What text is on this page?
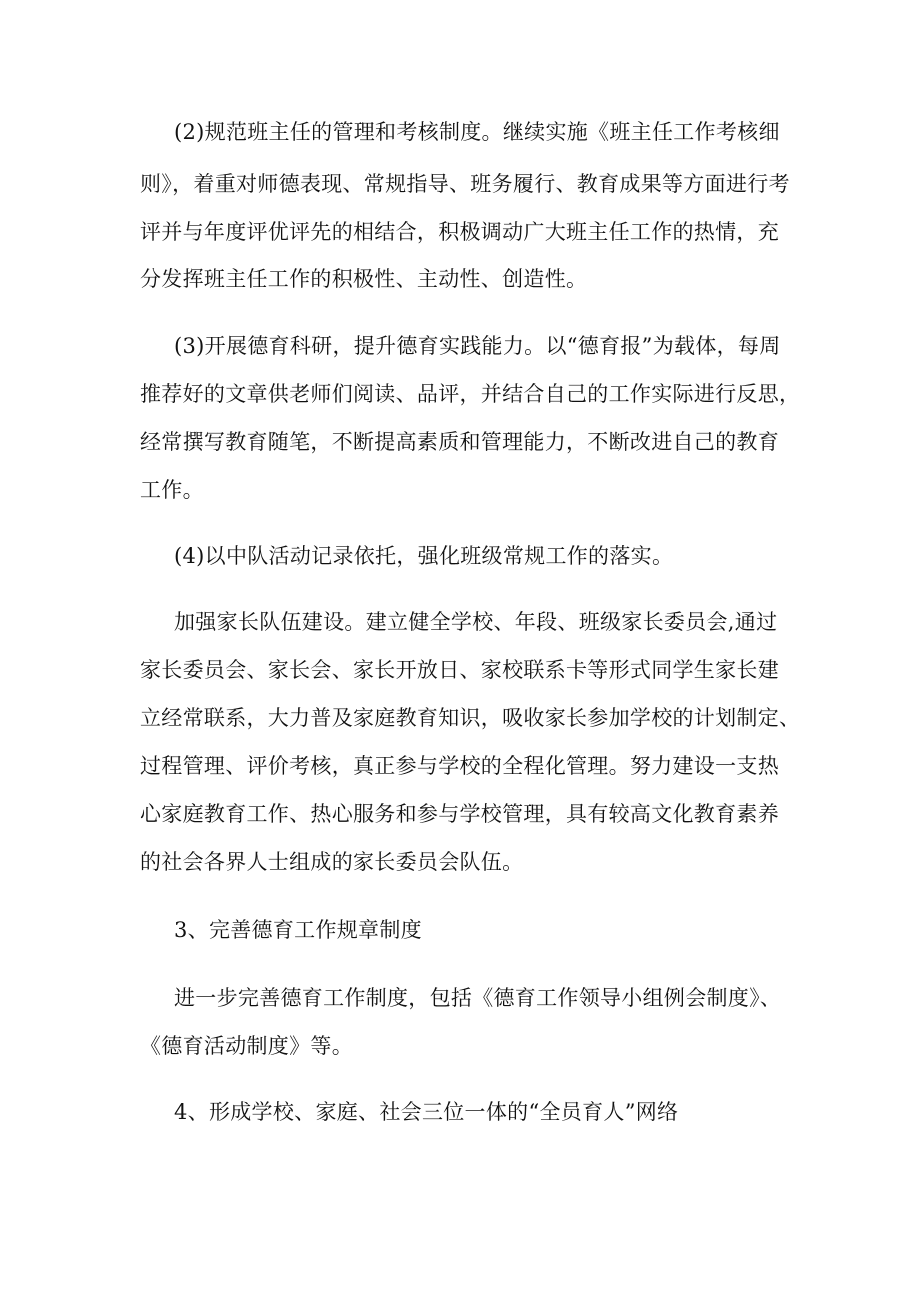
(2)规范班主任的管理和考核制度。继续实施《班主任工作考核细
则》，着重对师德表现、常规指导、班务履行、教育成果等方面进行考
评并与年度评优评先的相结合，积极调动广大班主任工作的热情，充
分发挥班主任工作的积极性、主动性、创造性。
(3)开展德育科研，提升德育实践能力。以“德育报”为载体，每周
推荐好的文章供老师们阅读、品评，并结合自己的工作实际进行反思，
经常撰写教育随笔，不断提高素质和管理能力，不断改进自己的教育
工作。
(4)以中队活动记录依托，强化班级常规工作的落实。
加强家长队伍建设。建立健全学校、年段、班级家长委员会,通过
家长委员会、家长会、家长开放日、家校联系卡等形式同学生家长建
立经常联系，大力普及家庭教育知识，吸收家长参加学校的计划制定、
过程管理、评价考核，真正参与学校的全程化管理。努力建设一支热
心家庭教育工作、热心服务和参与学校管理，具有较高文化教育素养
的社会各界人士组成的家长委员会队伍。
3、完善德育工作规章制度
进一步完善德育工作制度，包括《德育工作领导小组例会制度》、
《德育活动制度》等。
4、形成学校、家庭、社会三位一体的“全员育人”网络
